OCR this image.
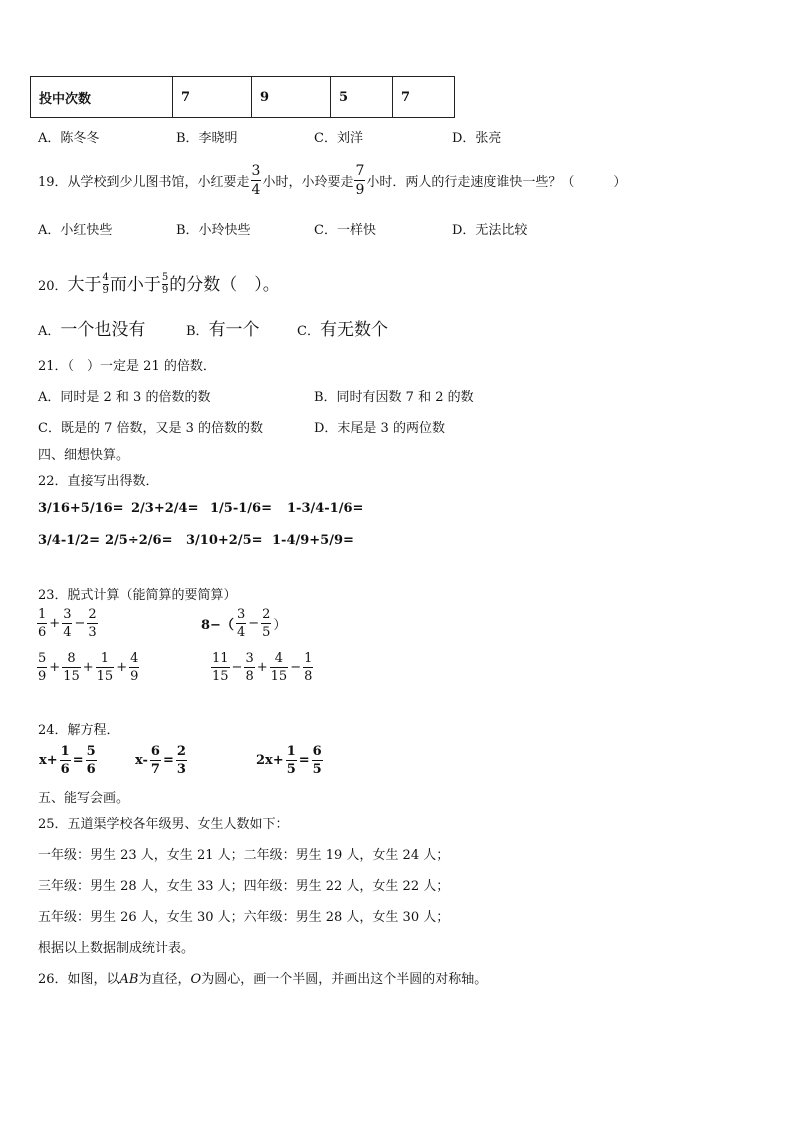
投中次数	7	9	5	7
A．陈冬冬	B．李晓明	C．刘洋	D．张亮
19．从学校到少儿图书馆，小红要走 $\frac{3}{4}$ 小时，小玲要走 $\frac{7}{9}$ 小时．两人的行走速度谁快一些？（　　　）
A．小红快些	B．小玲快些	C．一样快	D．无法比较
20．大于 $\frac{4}{9}$ 而小于 $\frac{5}{9}$ 的分数（　）。
A．一个也没有	B．有一个	C．有无数个
21．（　）一定是 21 的倍数．
A．同时是 2 和 3 的倍数的数	B．同时有因数 7 和 2 的数
C．既是的 7 倍数，又是 3 的倍数的数	D．末尾是 3 的两位数
四、细想快算。
22．直接写出得数．
3/16+5/16= 2/3+2/4= 1/5-1/6= 1-3/4-1/6=
3/4-1/2= 2/5÷2/6= 3/10+2/5= 1-4/9+5/9=
23．脱式计算（能简算的要简算）
$\frac{1}{6} + \frac{3}{4} - \frac{2}{3}$	$8-( \frac{3}{4} - \frac{2}{5}$ ）
$\frac{5}{9} + \frac{8}{15} + \frac{1}{15} + \frac{4}{9}$	$\frac{11}{15} - \frac{3}{8} + \frac{4}{15} - \frac{1}{8}$
24．解方程．
$x+ \frac{1}{6} = \frac{5}{6}$	$x- \frac{6}{7} = \frac{2}{3}$	$2x+ \frac{1}{5} = \frac{6}{5}$
五、能写会画。
25．五道渠学校各年级男、女生人数如下：
一年级：男生 23 人，女生 21 人；二年级：男生 19 人，女生 24 人；
三年级：男生 28 人，女生 33 人；四年级：男生 22 人，女生 22 人；
五年级：男生 26 人，女生 30 人；六年级：男生 28 人，女生 30 人；
根据以上数据制成统计表。
26．如图，以AB为直径，O为圆心，画一个半圆，并画出这个半圆的对称轴。
